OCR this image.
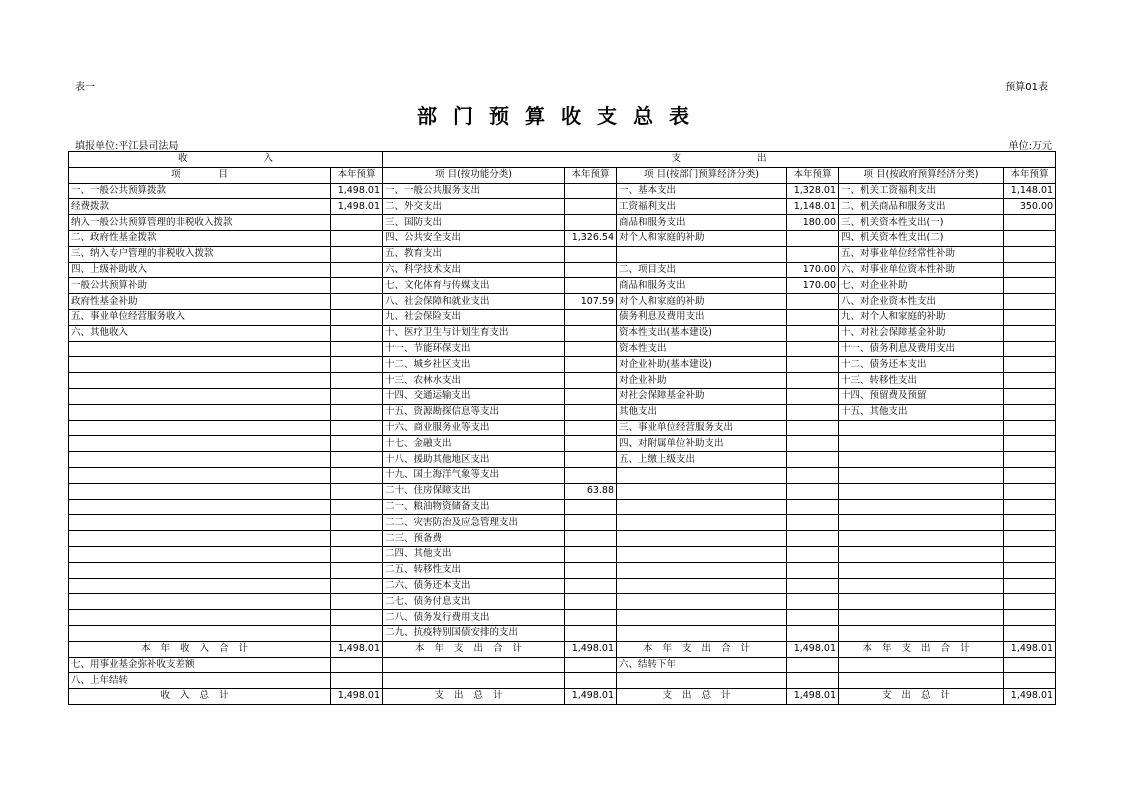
表一	预算01表
部门预算收支总表
填报单位:平江县司法局	单位:万元
收　　　　　　　　入		支　　　　　　　　出					
项　　　　目	本年预算	项 目(按功能分类)	本年预算	项 目(按部门预算经济分类)	本年预算	项 目(按政府预算经济分类)	本年预算
一、一般公共预算拨款	1,498.01	一、一般公共服务支出		一、基本支出	1,328.01	一、机关工资福利支出	1,148.01
经费拨款	1,498.01	二、外交支出		工资福利支出	1,148.01	二、机关商品和服务支出	350.00
纳入一般公共预算管理的非税收入拨款		三、国防支出		商品和服务支出	180.00	三、机关资本性支出(一)	
二、政府性基金拨款		四、公共安全支出	1,326.54	对个人和家庭的补助		四、机关资本性支出(二)	
三、纳入专户管理的非税收入拨款		五、教育支出				五、对事业单位经常性补助	
四、上级补助收入		六、科学技术支出		二、项目支出	170.00	六、对事业单位资本性补助	
一般公共预算补助		七、文化体育与传媒支出		商品和服务支出	170.00	七、对企业补助	
政府性基金补助		八、社会保障和就业支出	107.59	对个人和家庭的补助		八、对企业资本性支出	
五、事业单位经营服务收入		九、社会保险支出		债务利息及费用支出		九、对个人和家庭的补助	
六、其他收入		十、医疗卫生与计划生育支出		资本性支出(基本建设)		十、对社会保障基金补助	
		十一、节能环保支出		资本性支出		十一、债务利息及费用支出	
		十二、城乡社区支出		对企业补助(基本建设)		十二、债务还本支出	
		十三、农林水支出		对企业补助		十三、转移性支出	
		十四、交通运输支出		对社会保障基金补助		十四、预留费及预留	
		十五、资源勘探信息等支出		其他支出		十五、其他支出	
		十六、商业服务业等支出		三、事业单位经营服务支出			
		十七、金融支出		四、对附属单位补助支出			
		十八、援助其他地区支出		五、上缴上级支出			
		十九、国土海洋气象等支出					
		二十、住房保障支出	63.88				
		二一、粮油物资储备支出					
		二二、灾害防治及应急管理支出					
		二三、预备费					
		二四、其他支出					
		二五、转移性支出					
		二六、债务还本支出					
		二七、债务付息支出					
		二八、债务发行费用支出					
		二九、抗疫特别国债安排的支出					
本年收入合计	1,498.01	本年支出合计	1,498.01	本年支出合计	1,498.01	本年支出合计	1,498.01
七、用事业基金弥补收支差额				六、结转下年			
八、上年结转							
收入总计	1,498.01	支出总计	1,498.01	支出总计	1,498.01	支出总计	1,498.01
